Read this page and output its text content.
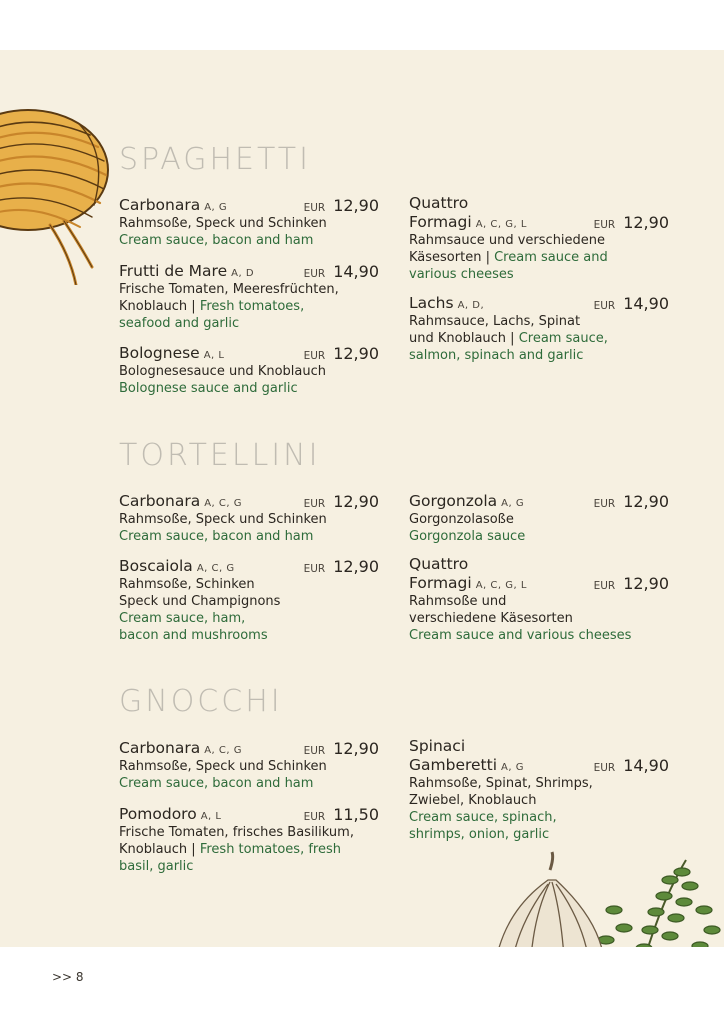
SPAGHETTI
Carbonara A, G	EUR 12,90
Rahmsoße, Speck und Schinken
Cream sauce, bacon and ham
Frutti de Mare A, D	EUR 14,90
Frische Tomaten, Meeresfrüchten,
Knoblauch | Fresh tomatoes,
seafood and garlic
Bolognese A, L	EUR 12,90
Bolognesesauce und Knoblauch
Bolognese sauce and garlic
Quattro
Formagi A, C, G, L	EUR 12,90
Rahmsauce und verschiedene
Käsesorten | Cream sauce and
various cheeses
Lachs A, D,	EUR 14,90
Rahmsauce, Lachs, Spinat
und Knoblauch | Cream sauce,
salmon, spinach and garlic
TORTELLINI
Carbonara A, C, G	EUR 12,90
Rahmsoße, Speck und Schinken
Cream sauce, bacon and ham
Boscaiola A, C, G	EUR 12,90
Rahmsoße, Schinken
Speck und Champignons
Cream sauce, ham,
bacon and mushrooms
Gorgonzola A, G	EUR 12,90
Gorgonzolasoße
Gorgonzola sauce
Quattro
Formagi A, C, G, L	EUR 12,90
Rahmsoße und
verschiedene Käsesorten
Cream sauce and various cheeses
GNOCCHI
Carbonara A, C, G	EUR 12,90
Rahmsoße, Speck und Schinken
Cream sauce, bacon and ham
Pomodoro A, L	EUR 11,50
Frische Tomaten, frisches Basilikum,
Knoblauch | Fresh tomatoes, fresh
basil, garlic
Spinaci
Gamberetti A, G	EUR 14,90
Rahmsoße, Spinat, Shrimps,
Zwiebel, Knoblauch
Cream sauce, spinach,
shrimps, onion, garlic
>> 8
